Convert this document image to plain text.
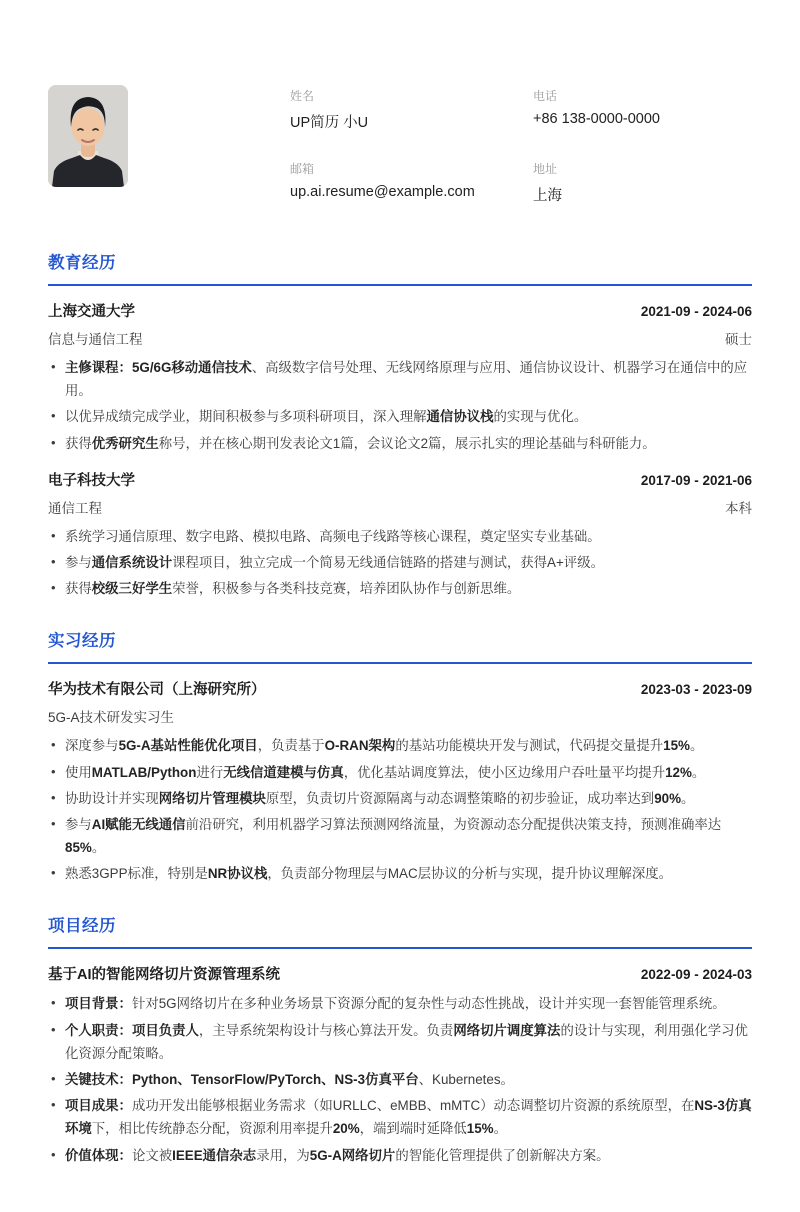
姓名
UP简历 小U
电话
+86 138-0000-0000
邮箱
up.ai.resume@example.com
地址
上海
教育经历
上海交通大学	2021-09 - 2024-06
信息与通信工程	硕士
• 主修课程：5G/6G移动通信技术、高级数字信号处理、无线网络原理与应用、通信协议设计、机器学习在通信中的应用。
• 以优异成绩完成学业，期间积极参与多项科研项目，深入理解通信协议栈的实现与优化。
• 获得优秀研究生称号，并在核心期刊发表论文1篇，会议论文2篇，展示扎实的理论基础与科研能力。
电子科技大学	2017-09 - 2021-06
通信工程	本科
• 系统学习通信原理、数字电路、模拟电路、高频电子线路等核心课程，奠定坚实专业基础。
• 参与通信系统设计课程项目，独立完成一个简易无线通信链路的搭建与测试，获得A+评级。
• 获得校级三好学生荣誉，积极参与各类科技竞赛，培养团队协作与创新思维。
实习经历
华为技术有限公司（上海研究所）	2023-03 - 2023-09
5G-A技术研发实习生
• 深度参与5G-A基站性能优化项目，负责基于O-RAN架构的基站功能模块开发与测试，代码提交量提升15%。
• 使用MATLAB/Python进行无线信道建模与仿真，优化基站调度算法，使小区边缘用户吞吐量平均提升12%。
• 协助设计并实现网络切片管理模块原型，负责切片资源隔离与动态调整策略的初步验证，成功率达到90%。
• 参与AI赋能无线通信前沿研究，利用机器学习算法预测网络流量，为资源动态分配提供决策支持，预测准确率达85%。
• 熟悉3GPP标准，特别是NR协议栈，负责部分物理层与MAC层协议的分析与实现，提升协议理解深度。
项目经历
基于AI的智能网络切片资源管理系统	2022-09 - 2024-03
• 项目背景：针对5G网络切片在多种业务场景下资源分配的复杂性与动态性挑战，设计并实现一套智能管理系统。
• 个人职责：项目负责人，主导系统架构设计与核心算法开发。负责网络切片调度算法的设计与实现，利用强化学习优化资源分配策略。
• 关键技术：Python、TensorFlow/PyTorch、NS-3仿真平台、Kubernetes。
• 项目成果：成功开发出能够根据业务需求（如URLLC、eMBB、mMTC）动态调整切片资源的系统原型，在NS-3仿真环境下，相比传统静态分配，资源利用率提升20%，端到端时延降低15%。
• 价值体现：论文被IEEE通信杂志录用，为5G-A网络切片的智能化管理提供了创新解决方案。
